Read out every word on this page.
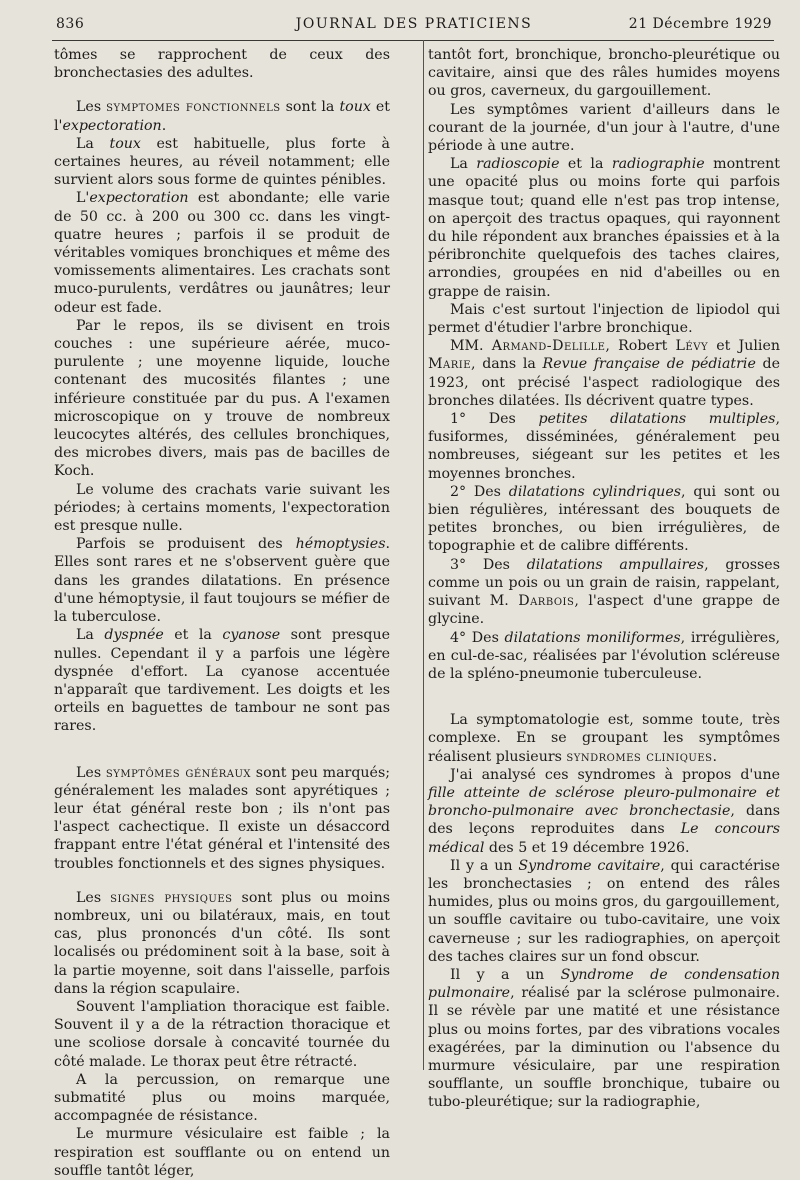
836	JOURNAL DES PRATICIENS	21 Décembre 1929

tômes se rapprochent de ceux des bronchectasies des adultes.

Les symptomes fonctionnels sont la toux et l'expectoration.

La toux est habituelle, plus forte à certaines heures, au réveil notamment; elle survient alors sous forme de quintes pénibles.

L'expectoration est abondante; elle varie de 50 cc. à 200 ou 300 cc. dans les vingt-quatre heures ; parfois il se produit de véritables vomiques bronchiques et même des vomissements alimentaires. Les crachats sont muco-purulents, verdâtres ou jaunâtres; leur odeur est fade.

Par le repos, ils se divisent en trois couches : une supérieure aérée, muco-purulente ; une moyenne liquide, louche contenant des mucosités filantes ; une inférieure constituée par du pus. A l'examen microscopique on y trouve de nombreux leucocytes altérés, des cellules bronchiques, des microbes divers, mais pas de bacilles de Koch.

Le volume des crachats varie suivant les périodes; à certains moments, l'expectoration est presque nulle.

Parfois se produisent des hémoptysies. Elles sont rares et ne s'observent guère que dans les grandes dilatations. En présence d'une hémoptysie, il faut toujours se méfier de la tuberculose.

La dyspnée et la cyanose sont presque nulles. Cependant il y a parfois une légère dyspnée d'effort. La cyanose accentuée n'apparaît que tardivement. Les doigts et les orteils en baguettes de tambour ne sont pas rares.

Les symptômes généraux sont peu marqués; généralement les malades sont apyrétiques ; leur état général reste bon ; ils n'ont pas l'aspect cachectique. Il existe un désaccord frappant entre l'état général et l'intensité des troubles fonctionnels et des signes physiques.

Les signes physiques sont plus ou moins nombreux, uni ou bilatéraux, mais, en tout cas, plus prononcés d'un côté. Ils sont localisés ou prédominent soit à la base, soit à la partie moyenne, soit dans l'aisselle, parfois dans la région scapulaire.

Souvent l'ampliation thoracique est faible. Souvent il y a de la rétraction thoracique et une scoliose dorsale à concavité tournée du côté malade. Le thorax peut être rétracté.

A la percussion, on remarque une submatité plus ou moins marquée, accompagnée de résistance.

Le murmure vésiculaire est faible ; la respiration est soufflante ou on entend un souffle tantôt léger,

tantôt fort, bronchique, broncho-pleurétique ou cavitaire, ainsi que des râles humides moyens ou gros, caverneux, du gargouillement.

Les symptômes varient d'ailleurs dans le courant de la journée, d'un jour à l'autre, d'une période à une autre.

La radioscopie et la radiographie montrent une opacité plus ou moins forte qui parfois masque tout; quand elle n'est pas trop intense, on aperçoit des tractus opaques, qui rayonnent du hile répondent aux branches épaissies et à la péribronchite quelquefois des taches claires, arrondies, groupées en nid d'abeilles ou en grappe de raisin.

Mais c'est surtout l'injection de lipiodol qui permet d'étudier l'arbre bronchique.

MM. Armand-Delille, Robert Lévy et Julien Marie, dans la Revue française de pédiatrie de 1923, ont précisé l'aspect radiologique des bronches dilatées. Ils décrivent quatre types.

1° Des petites dilatations multiples, fusiformes, disséminées, généralement peu nombreuses, siégeant sur les petites et les moyennes bronches.

2° Des dilatations cylindriques, qui sont ou bien régulières, intéressant des bouquets de petites bronches, ou bien irrégulières, de topographie et de calibre différents.

3° Des dilatations ampullaires, grosses comme un pois ou un grain de raisin, rappelant, suivant M. Darbois, l'aspect d'une grappe de glycine.

4° Des dilatations moniliformes, irrégulières, en cul-de-sac, réalisées par l'évolution scléreuse de la spléno-pneumonie tuberculeuse.

La symptomatologie est, somme toute, très complexe. En se groupant les symptômes réalisent plusieurs syndromes cliniques.

J'ai analysé ces syndromes à propos d'une fille atteinte de sclérose pleuro-pulmonaire et broncho-pulmonaire avec bronchectasie, dans des leçons reproduites dans Le concours médical des 5 et 19 décembre 1926.

Il y a un Syndrome cavitaire, qui caractérise les bronchectasies ; on entend des râles humides, plus ou moins gros, du gargouillement, un souffle cavitaire ou tubo-cavitaire, une voix caverneuse ; sur les radiographies, on aperçoit des taches claires sur un fond obscur.

Il y a un Syndrome de condensation pulmonaire, réalisé par la sclérose pulmonaire. Il se révèle par une matité et une résistance plus ou moins fortes, par des vibrations vocales exagérées, par la diminution ou l'absence du murmure vésiculaire, par une respiration soufflante, un souffle bronchique, tubaire ou tubo-pleurétique; sur la radiographie,
